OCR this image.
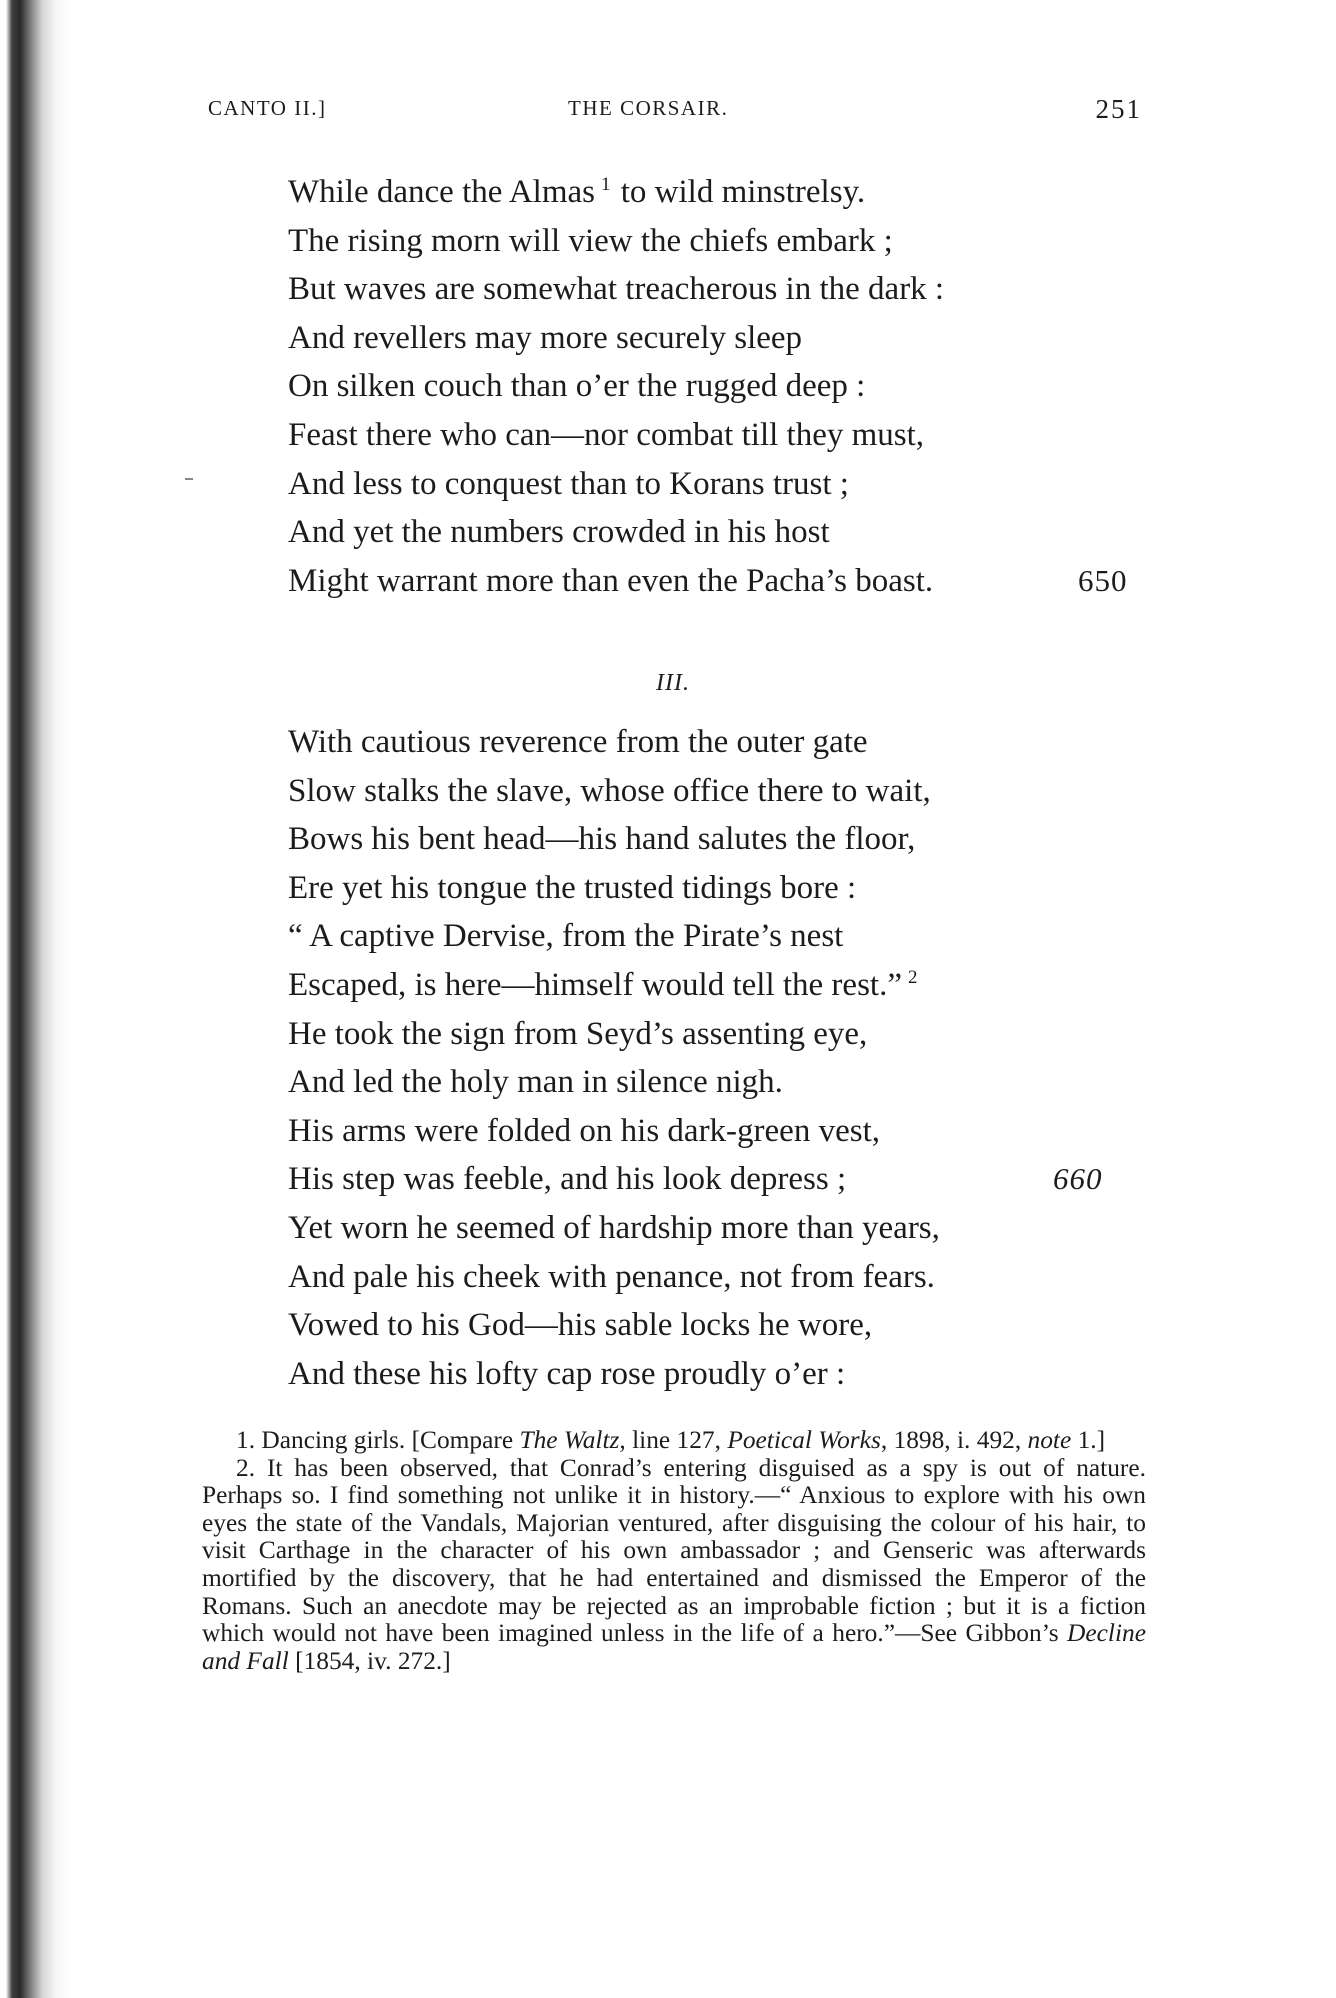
CANTO II.]	THE CORSAIR.	251
While dance the Almas $^1$ to wild minstrelsy.
The rising morn will view the chiefs embark ;
But waves are somewhat treacherous in the dark :
And revellers may more securely sleep
On silken couch than o’er the rugged deep :
Feast there who can—nor combat till they must,
And less to conquest than to Korans trust ;
And yet the numbers crowded in his host
Might warrant more than even the Pacha’s boast.	650
III.
With cautious reverence from the outer gate
Slow stalks the slave, whose office there to wait,
Bows his bent head—his hand salutes the floor,
Ere yet his tongue the trusted tidings bore :
“ A captive Dervise, from the Pirate’s nest
Escaped, is here—himself would tell the rest.” $^2$
He took the sign from Seyd’s assenting eye,
And led the holy man in silence nigh.
His arms were folded on his dark-green vest,
His step was feeble, and his look depress ;	660
Yet worn he seemed of hardship more than years,
And pale his cheek with penance, not from fears.
Vowed to his God—his sable locks he wore,
And these his lofty cap rose proudly o’er :

1. Dancing girls. [Compare The Waltz, line 127, Poetical Works, 1898, i. 492, note 1.]

2. It has been observed, that Conrad’s entering disguised as a spy is out of nature. Perhaps so. I find something not unlike it in history.—“ Anxious to explore with his own eyes the state of the Vandals, Majorian ventured, after disguising the colour of his hair, to visit Carthage in the character of his own ambassador ; and Genseric was afterwards mortified by the discovery, that he had entertained and dismissed the Emperor of the Romans. Such an anecdote may be rejected as an improbable fiction ; but it is a fiction which would not have been imagined unless in the life of a hero.”—See Gibbon’s Decline and Fall [1854, iv. 272.]
